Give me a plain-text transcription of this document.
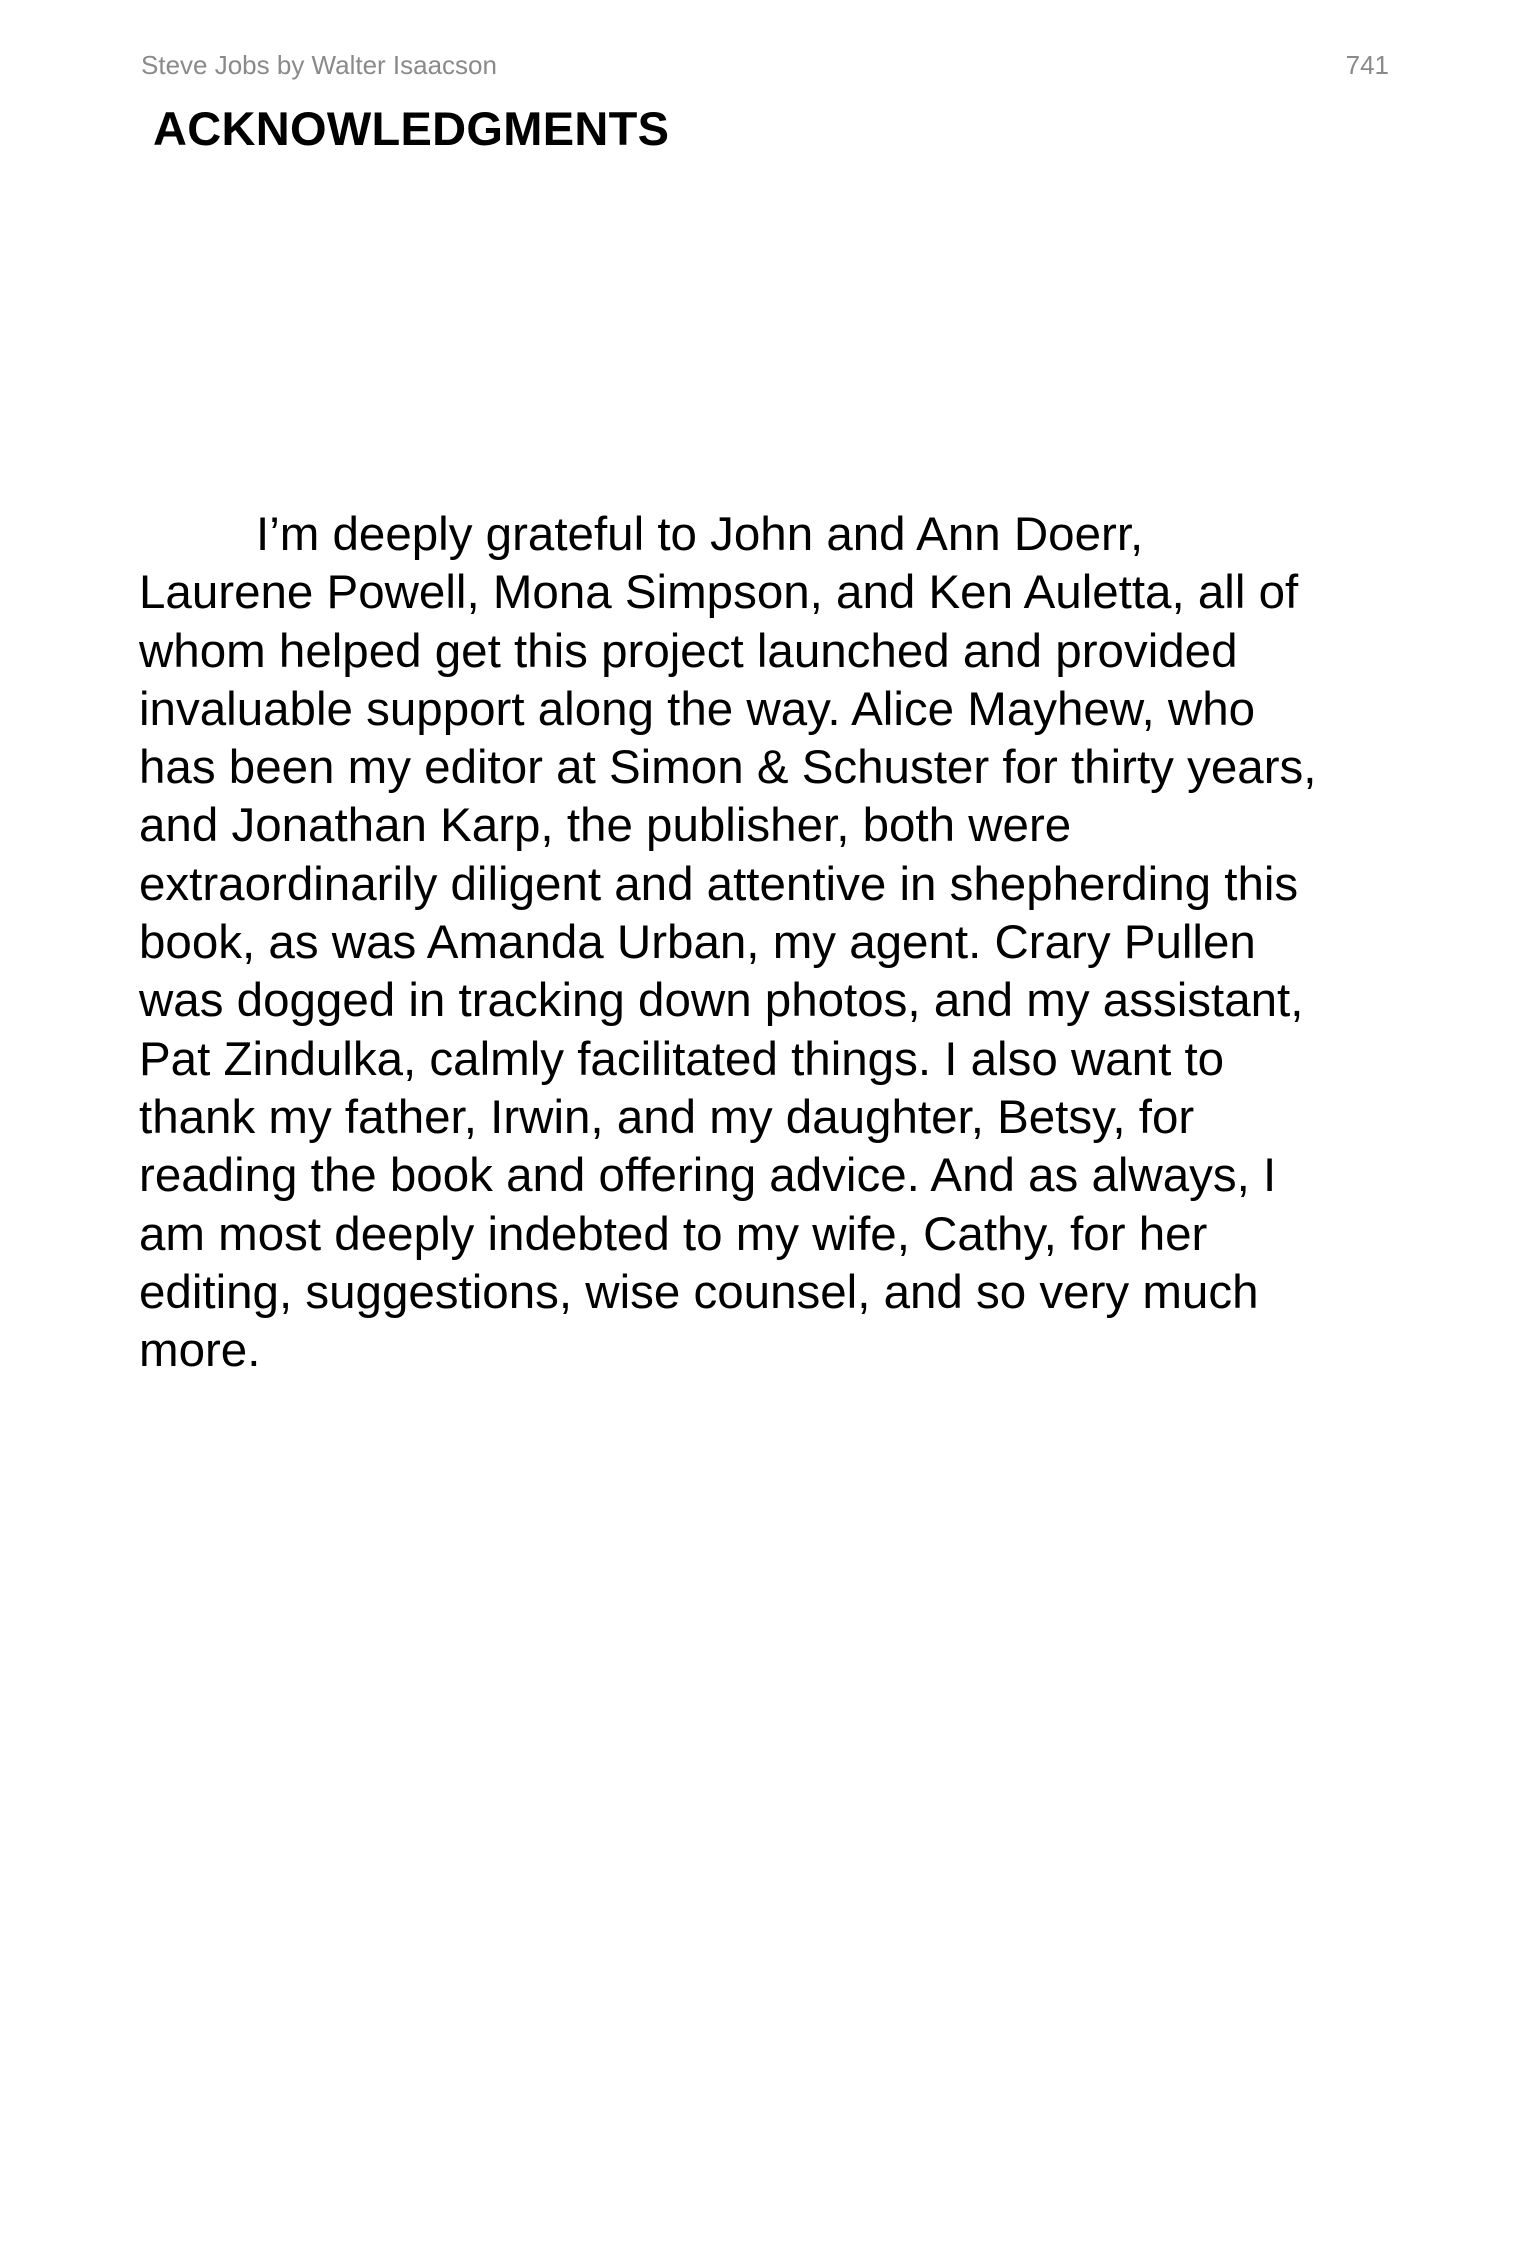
Steve Jobs by Walter Isaacson	741
ACKNOWLEDGMENTS

I’m deeply grateful to John and Ann Doerr,
Laurene Powell, Mona Simpson, and Ken Auletta, all of
whom helped get this project launched and provided
invaluable support along the way. Alice Mayhew, who
has been my editor at Simon & Schuster for thirty years,
and Jonathan Karp, the publisher, both were
extraordinarily diligent and attentive in shepherding this
book, as was Amanda Urban, my agent. Crary Pullen
was dogged in tracking down photos, and my assistant,
Pat Zindulka, calmly facilitated things. I also want to
thank my father, Irwin, and my daughter, Betsy, for
reading the book and offering advice. And as always, I
am most deeply indebted to my wife, Cathy, for her
editing, suggestions, wise counsel, and so very much
more.
